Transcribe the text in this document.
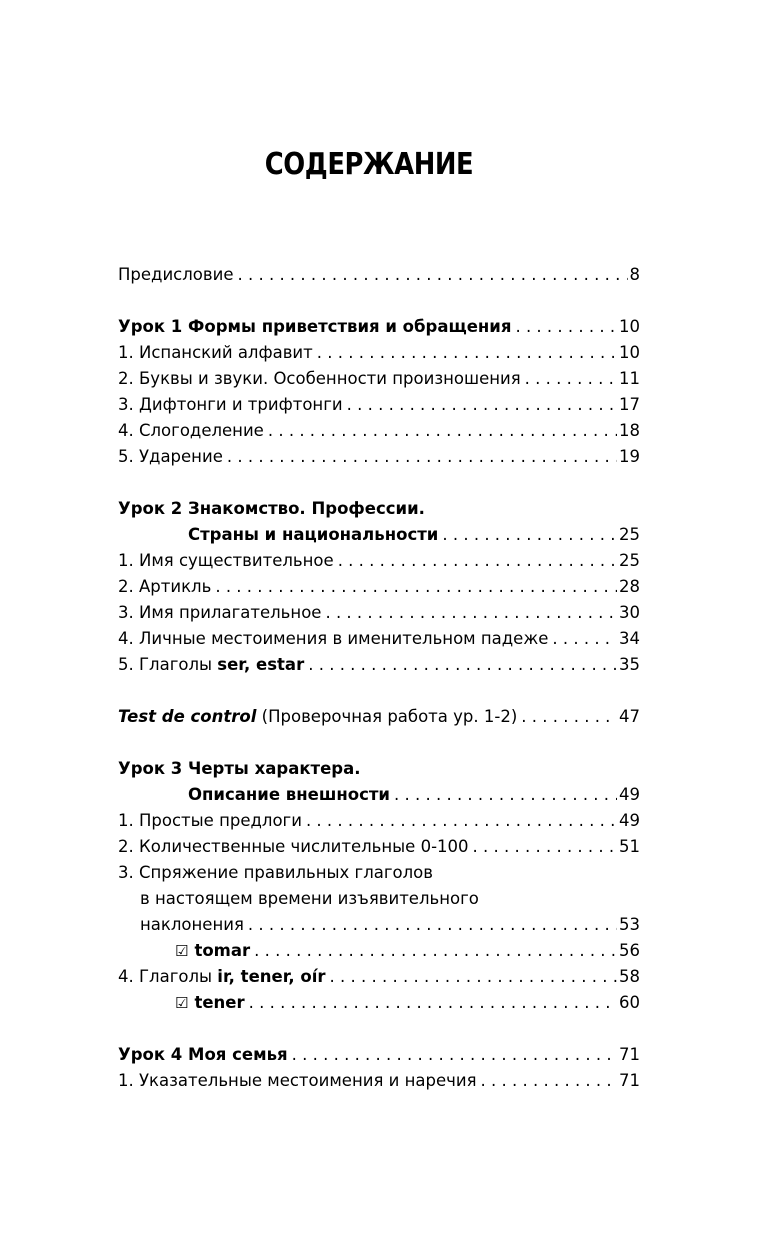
СОДЕРЖАНИЕ
Предисловие . . .	8
Урок 1 Формы приветствия и обращения . . .	10
1. Испанский алфавит . . .	10
2. Буквы и звуки. Особенности произношения . . .	11
3. Дифтонги и трифтонги . . .	17
4. Слогоделение . . .	18
5. Ударение . . .	19
Урок 2 Знакомство. Профессии.
Страны и национальности . . .	25
1. Имя существительное . . .	25
2. Артикль . . .	28
3. Имя прилагательное . . .	30
4. Личные местоимения в именительном падеже . . .	34
5. Глаголы ser, estar . . .	35
Test de control (Проверочная работа ур. 1-2) . . .	47
Урок 3 Черты характера.
Описание внешности . . .	49
1. Простые предлоги . . .	49
2. Количественные числительные 0-100 . . .	51
3. Спряжение правильных глаголов
в настоящем времени изъявительного
наклонения . . .	53
☑ tomar . . .	56
4. Глаголы ir, tener, oír . . .	58
☑ tener . . .	60
Урок 4 Моя семья . . .	71
1. Указательные местоимения и наречия . . .	71
